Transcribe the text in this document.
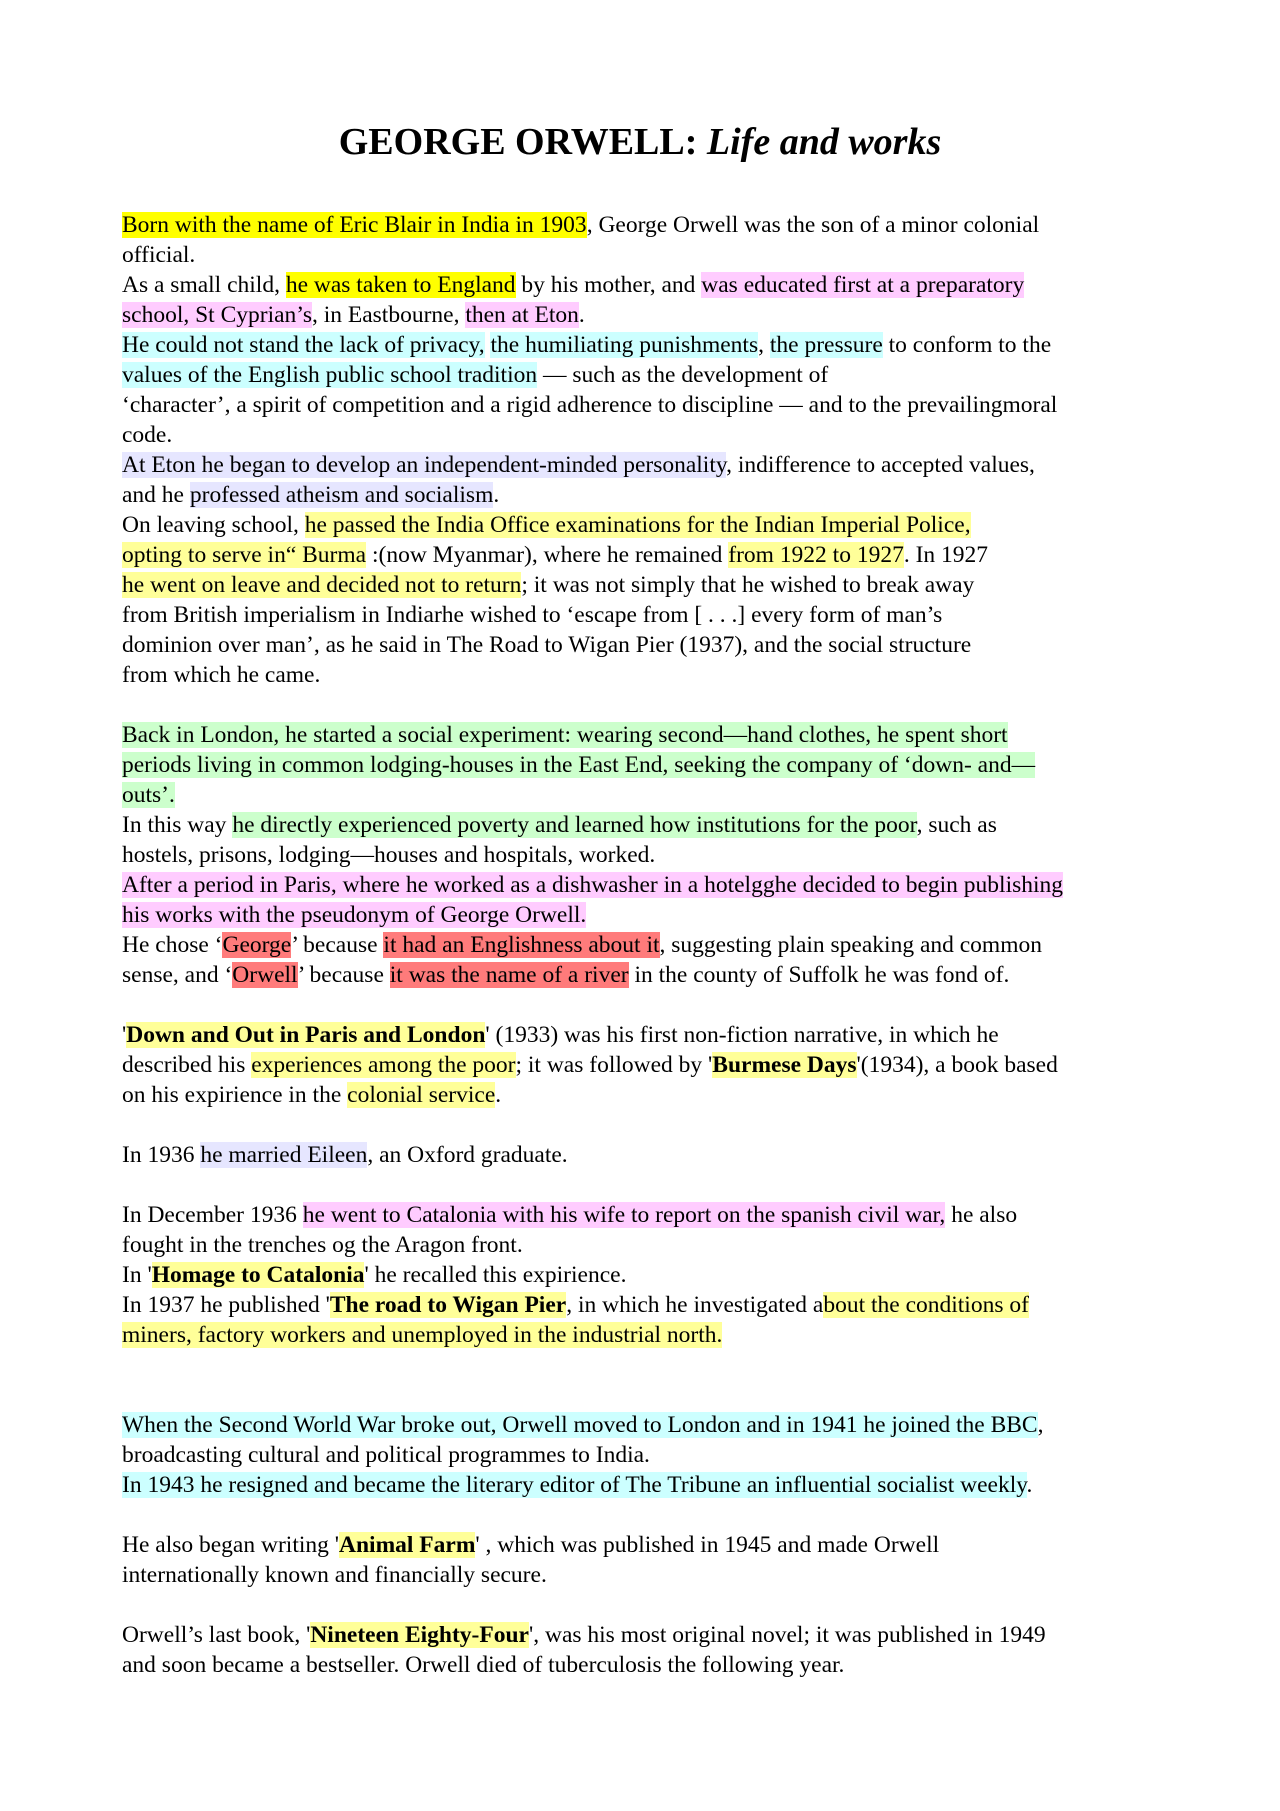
GEORGE ORWELL: Life and works
Born with the name of Eric Blair in India in 1903, George Orwell was the son of a minor colonial
official.
As a small child, he was taken to England by his mother, and was educated first at a preparatory
school, St Cyprian’s, in Eastbourne, then at Eton.
He could not stand the lack of privacy, the humiliating punishments, the pressure to conform to the
values of the English public school tradition — such as the development of
‘character’, a spirit of competition and a rigid adherence to discipline — and to the prevailingmoral
code.
At Eton he began to develop an independent-minded personality, indifference to accepted values,
and he professed atheism and socialism.
On leaving school, he passed the India Office examinations for the Indian Imperial Police,
opting to serve in“ Burma :(now Myanmar), where he remained from 1922 to 1927. In 1927
he went on leave and decided not to return; it was not simply that he wished to break away
from British imperialism in Indiarhe wished to ‘escape from [ . . .] every form of man’s
dominion over man’, as he said in The Road to Wigan Pier (1937), and the social structure
from which he came.
Back in London, he started a social experiment: wearing second—hand clothes, he spent short
periods living in common lodging-houses in the East End, seeking the company of ‘down- and—
outs’.
In this way he directly experienced poverty and learned how institutions for the poor, such as
hostels, prisons, lodging—houses and hospitals, worked.
After a period in Paris, where he worked as a dishwasher in a hotelgghe decided to begin publishing
his works with the pseudonym of George Orwell.
He chose ‘George’ because it had an Englishness about it, suggesting plain speaking and common
sense, and ‘Orwell’ because it was the name of a river in the county of Suffolk he was fond of.
'Down and Out in Paris and London' (1933) was his first non-fiction narrative, in which he
described his experiences among the poor; it was followed by 'Burmese Days'(1934), a book based
on his expirience in the colonial service.
In 1936 he married Eileen, an Oxford graduate.
In December 1936 he went to Catalonia with his wife to report on the spanish civil war, he also
fought in the trenches og the Aragon front.
In 'Homage to Catalonia' he recalled this expirience.
In 1937 he published 'The road to Wigan Pier, in which he investigated about the conditions of
miners, factory workers and unemployed in the industrial north.
When the Second World War broke out, Orwell moved to London and in 1941 he joined the BBC,
broadcasting cultural and political programmes to India.
In 1943 he resigned and became the literary editor of The Tribune an influential socialist weekly.
He also began writing 'Animal Farm' , which was published in 1945 and made Orwell
internationally known and financially secure.
Orwell’s last book, 'Nineteen Eighty-Four', was his most original novel; it was published in 1949
and soon became a bestseller. Orwell died of tuberculosis the following year.
